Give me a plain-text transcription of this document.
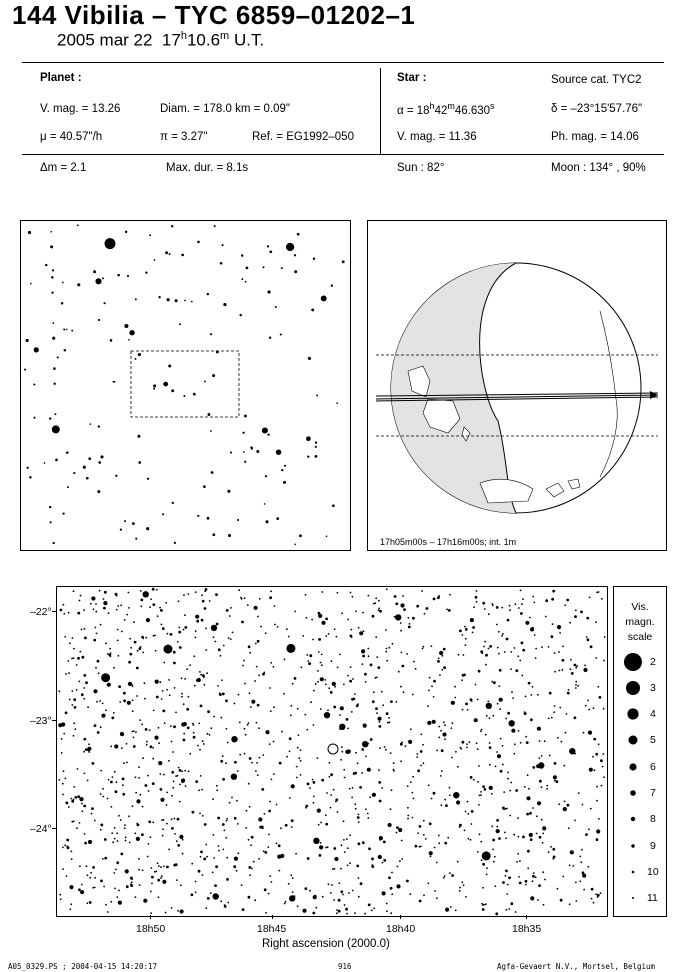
144 Vibilia – TYC 6859–01202–1
2005 mar 22 17$^h$10.6$^m$ U.T.
Planet :
V. mag. = 13.26	Diam. = 178.0 km = 0.09"
μ = 40.57"/h	π = 3.27"	Ref. = EG1992–050
Δm = 2.1	Max. dur. = 8.1s
Star :	Source cat. TYC2
$\alpha = 18^h42^m46.630^s$	δ = –23°15'57.76"
V. mag. = 11.36	Ph. mag. = 14.06
Sun : 82°	Moon : 134° , 90%
17h05m00s – 17h16m00s; int. 1m
–22°
–23°
–24°
18h50	18h45	18h40	18h35
Right ascension (2000.0)
Vis.
magn.
scale
2
3
4
5
6
7
8
9
10
11
A05_0329.PS ; 2004-04-15 14:20:17	916	Agfa-Gevaert N.V., Mortsel, Belgium
